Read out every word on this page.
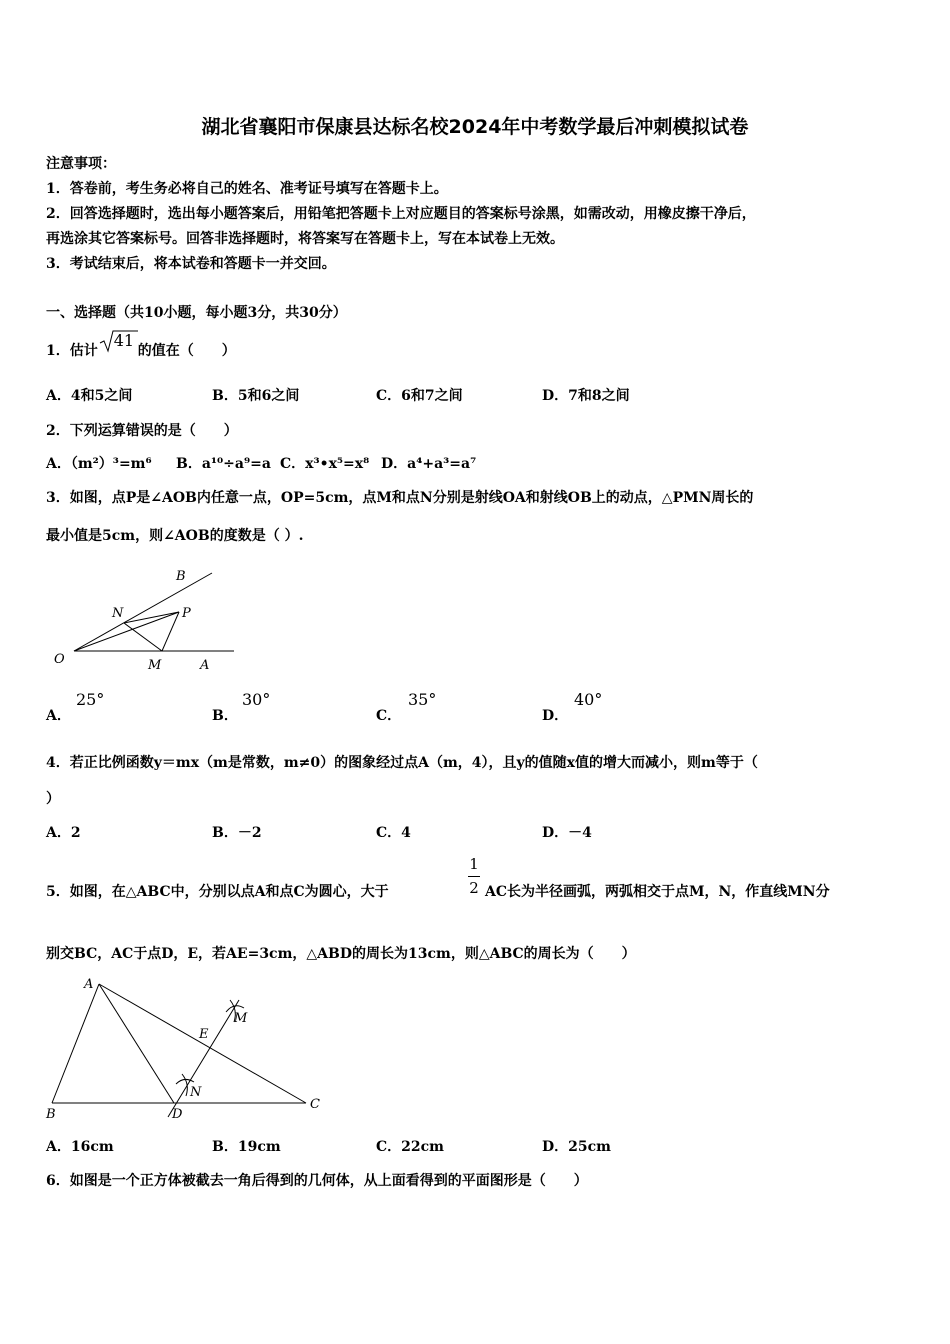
湖北省襄阳市保康县达标名校2024年中考数学最后冲刺模拟试卷
注意事项：
1．答卷前，考生务必将自己的姓名、准考证号填写在答题卡上。
2．回答选择题时，选出每小题答案后，用铅笔把答题卡上对应题目的答案标号涂黑，如需改动，用橡皮擦干净后，
再选涂其它答案标号。回答非选择题时，将答案写在答题卡上，写在本试卷上无效。
3．考试结束后，将本试卷和答题卡一并交回。
一、选择题（共10小题，每小题3分，共30分）
1．估计
41
的值在（　　）
A．4和5之间	B．5和6之间	C．6和7之间	D．7和8之间
2．下列运算错误的是（　　）
A．（m²）³=m⁶ B．a¹⁰÷a⁹=a C．x³•x⁵=x⁸ D．a⁴+a³=a⁷
3．如图，点P是∠AOB内任意一点，OP=5cm，点M和点N分别是射线OA和射线OB上的动点，△PMN周长的
最小值是5cm，则∠AOB的度数是（ ）.
O	A
B
M
N	P
A．
25°
B．
30°
C．
35°
D．
40°
4．若正比例函数y＝mx（m是常数，m≠0）的图象经过点A（m，4），且y的值随x值的增大而减小，则m等于（
）
A．2	B．－2	C．4	D．－4
5．如图，在△ABC中，分别以点A和点C为圆心，大于
1
2 AC长为半径画弧，两弧相交于点M，N，作直线MN分
别交BC，AC于点D，E，若AE=3cm，△ABD的周长为13cm，则△ABC的周长为（　　）
A
B
C
D
E
M
N
A．16cm	B．19cm	C．22cm	D．25cm
6．如图是一个正方体被截去一角后得到的几何体，从上面看得到的平面图形是（　　）
